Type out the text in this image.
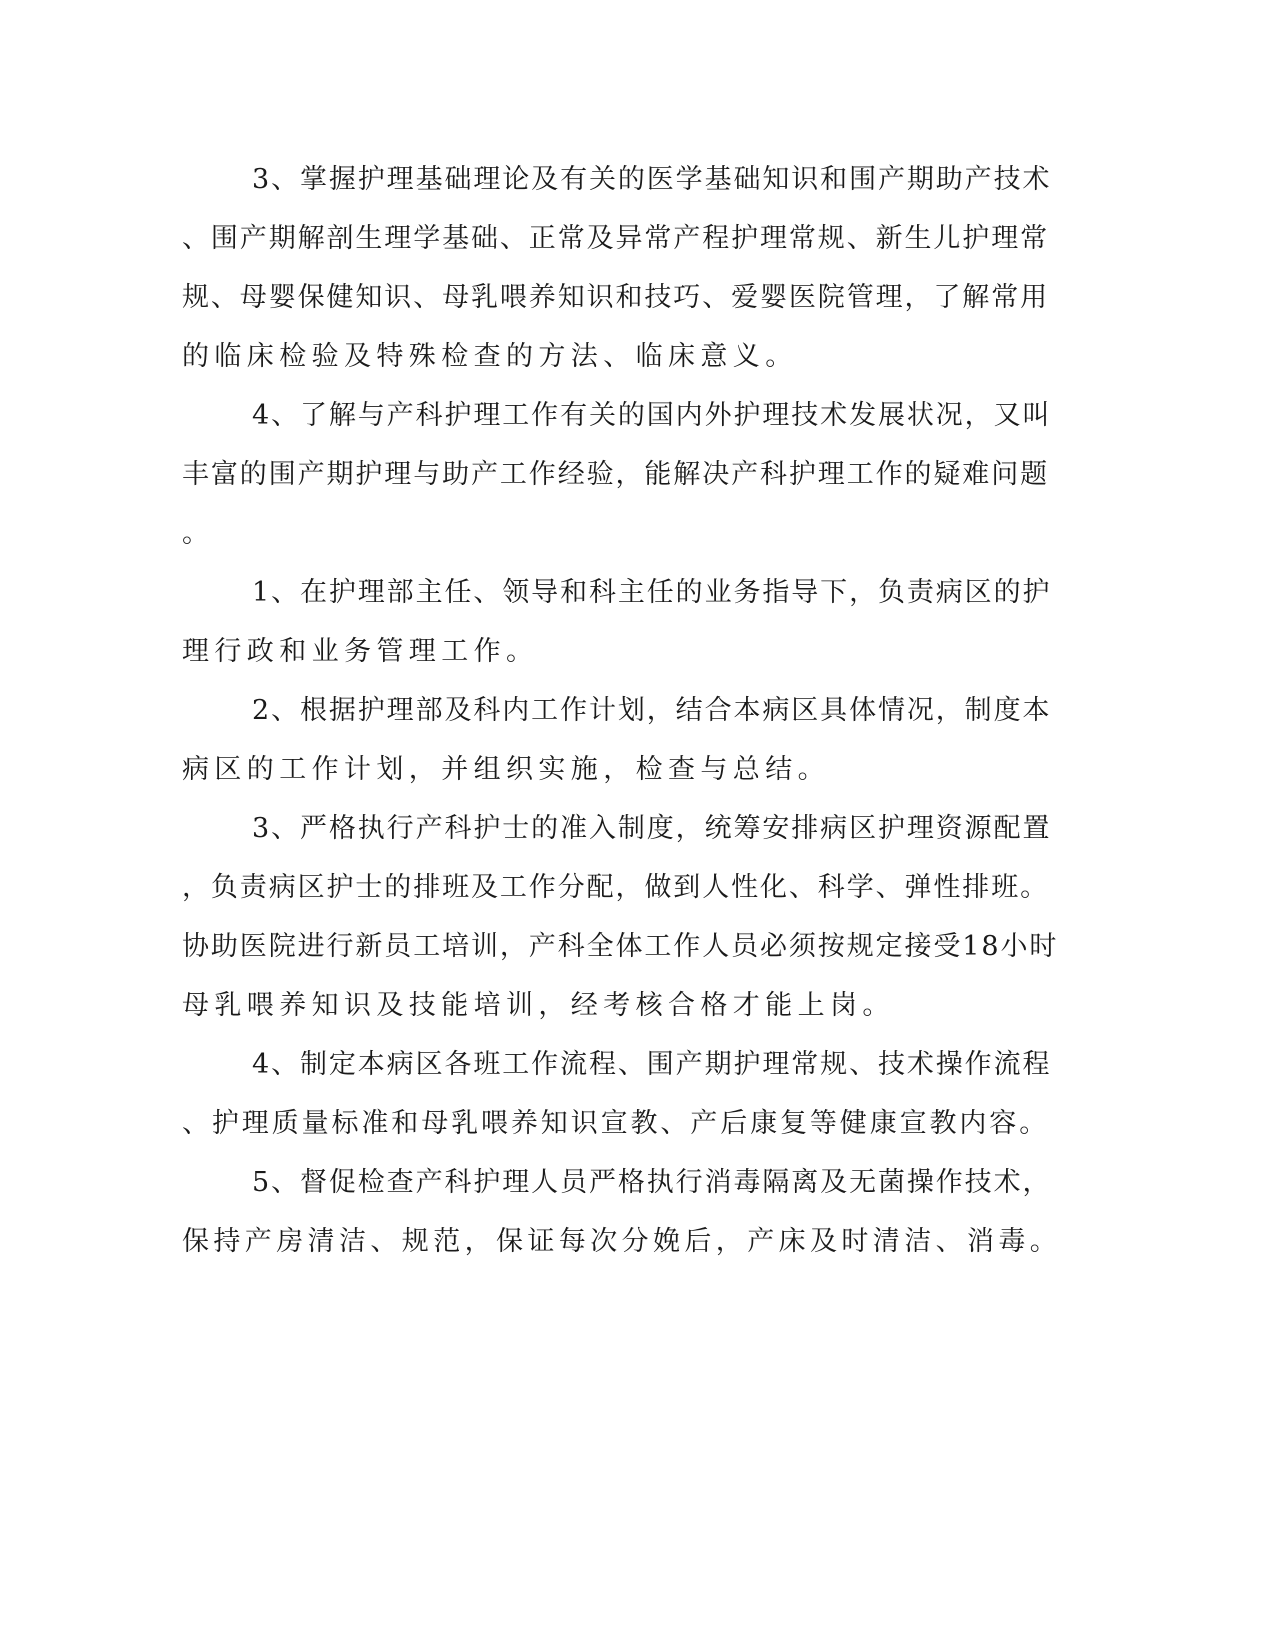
3、掌握护理基础理论及有关的医学基础知识和围产期助产技术
、围产期解剖生理学基础、正常及异常产程护理常规、新生儿护理常
规、母婴保健知识、母乳喂养知识和技巧、爱婴医院管理，了解常用
的临床检验及特殊检查的方法、临床意义。
4、了解与产科护理工作有关的国内外护理技术发展状况，又叫
丰富的围产期护理与助产工作经验，能解决产科护理工作的疑难问题
。
1、在护理部主任、领导和科主任的业务指导下，负责病区的护
理行政和业务管理工作。
2、根据护理部及科内工作计划，结合本病区具体情况，制度本
病区的工作计划，并组织实施，检查与总结。
3、严格执行产科护士的准入制度，统筹安排病区护理资源配置
，负责病区护士的排班及工作分配，做到人性化、科学、弹性排班。
协助医院进行新员工培训，产科全体工作人员必须按规定接受18小时
母乳喂养知识及技能培训，经考核合格才能上岗。
4、制定本病区各班工作流程、围产期护理常规、技术操作流程
、护理质量标准和母乳喂养知识宣教、产后康复等健康宣教内容。
5、督促检查产科护理人员严格执行消毒隔离及无菌操作技术，
保持产房清洁、规范，保证每次分娩后，产床及时清洁、消毒。
